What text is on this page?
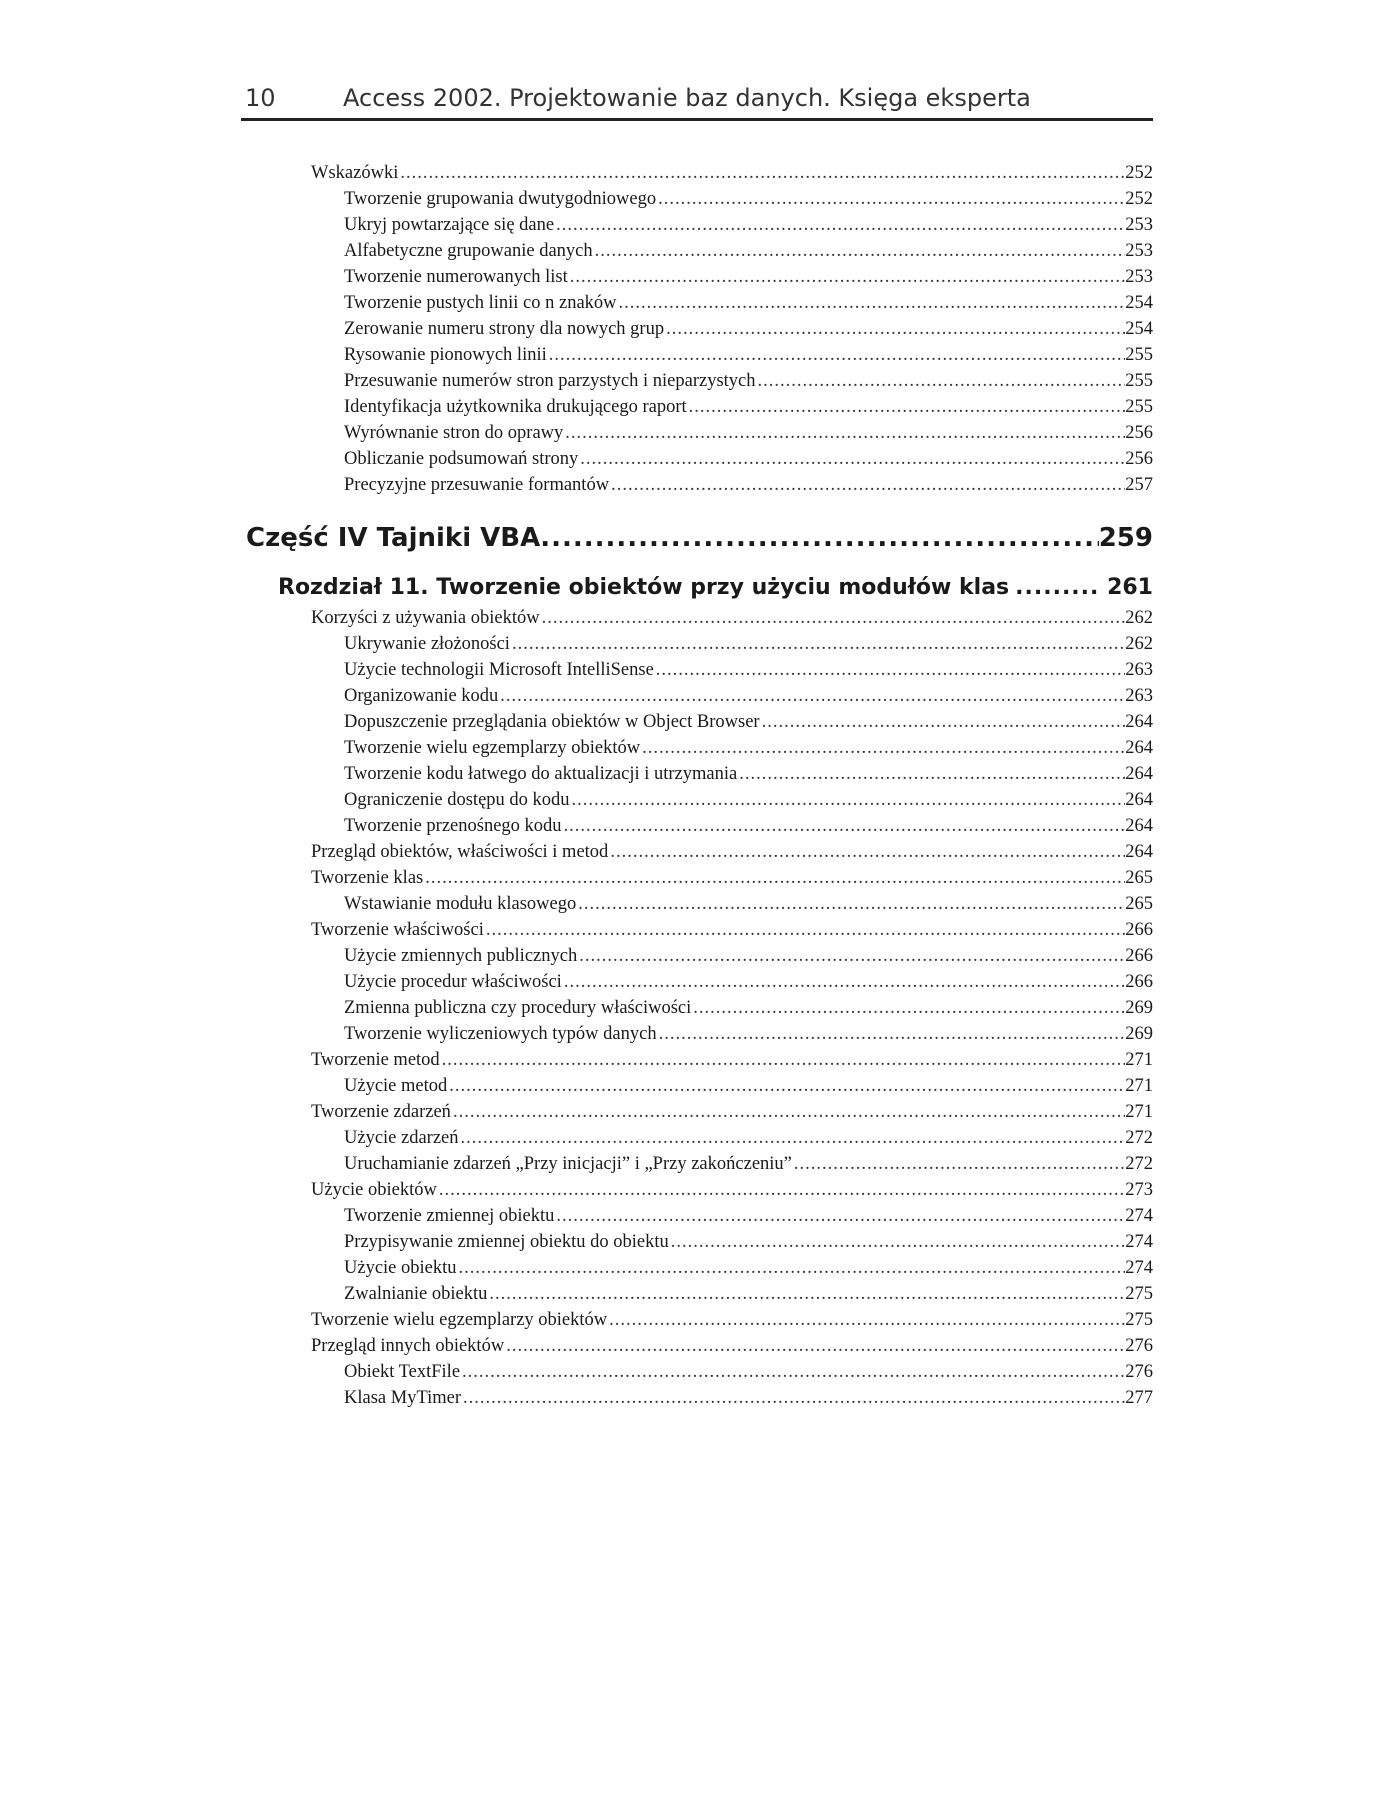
10	Access 2002. Projektowanie baz danych. Księga eksperta
Wskazówki .....	252
Tworzenie grupowania dwutygodniowego .....	252
Ukryj powtarzające się dane .....	253
Alfabetyczne grupowanie danych .....	253
Tworzenie numerowanych list .....	253
Tworzenie pustych linii co n znaków .....	254
Zerowanie numeru strony dla nowych grup .....	254
Rysowanie pionowych linii .....	255
Przesuwanie numerów stron parzystych i nieparzystych .....	255
Identyfikacja użytkownika drukującego raport .....	255
Wyrównanie stron do oprawy .....	256
Obliczanie podsumowań strony .....	256
Precyzyjne przesuwanie formantów .....	257
Część IV Tajniki VBA .....	259
Rozdział 11. Tworzenie obiektów przy użyciu modułów klas .....	261
Korzyści z używania obiektów .....	262
Ukrywanie złożoności .....	262
Użycie technologii Microsoft IntelliSense .....	263
Organizowanie kodu .....	263
Dopuszczenie przeglądania obiektów w Object Browser .....	264
Tworzenie wielu egzemplarzy obiektów .....	264
Tworzenie kodu łatwego do aktualizacji i utrzymania .....	264
Ograniczenie dostępu do kodu .....	264
Tworzenie przenośnego kodu .....	264
Przegląd obiektów, właściwości i metod .....	264
Tworzenie klas .....	265
Wstawianie modułu klasowego .....	265
Tworzenie właściwości .....	266
Użycie zmiennych publicznych .....	266
Użycie procedur właściwości .....	266
Zmienna publiczna czy procedury właściwości .....	269
Tworzenie wyliczeniowych typów danych .....	269
Tworzenie metod .....	271
Użycie metod .....	271
Tworzenie zdarzeń .....	271
Użycie zdarzeń .....	272
Uruchamianie zdarzeń „Przy inicjacji” i „Przy zakończeniu” .....	272
Użycie obiektów .....	273
Tworzenie zmiennej obiektu .....	274
Przypisywanie zmiennej obiektu do obiektu .....	274
Użycie obiektu .....	274
Zwalnianie obiektu .....	275
Tworzenie wielu egzemplarzy obiektów .....	275
Przegląd innych obiektów .....	276
Obiekt TextFile .....	276
Klasa MyTimer .....	277
